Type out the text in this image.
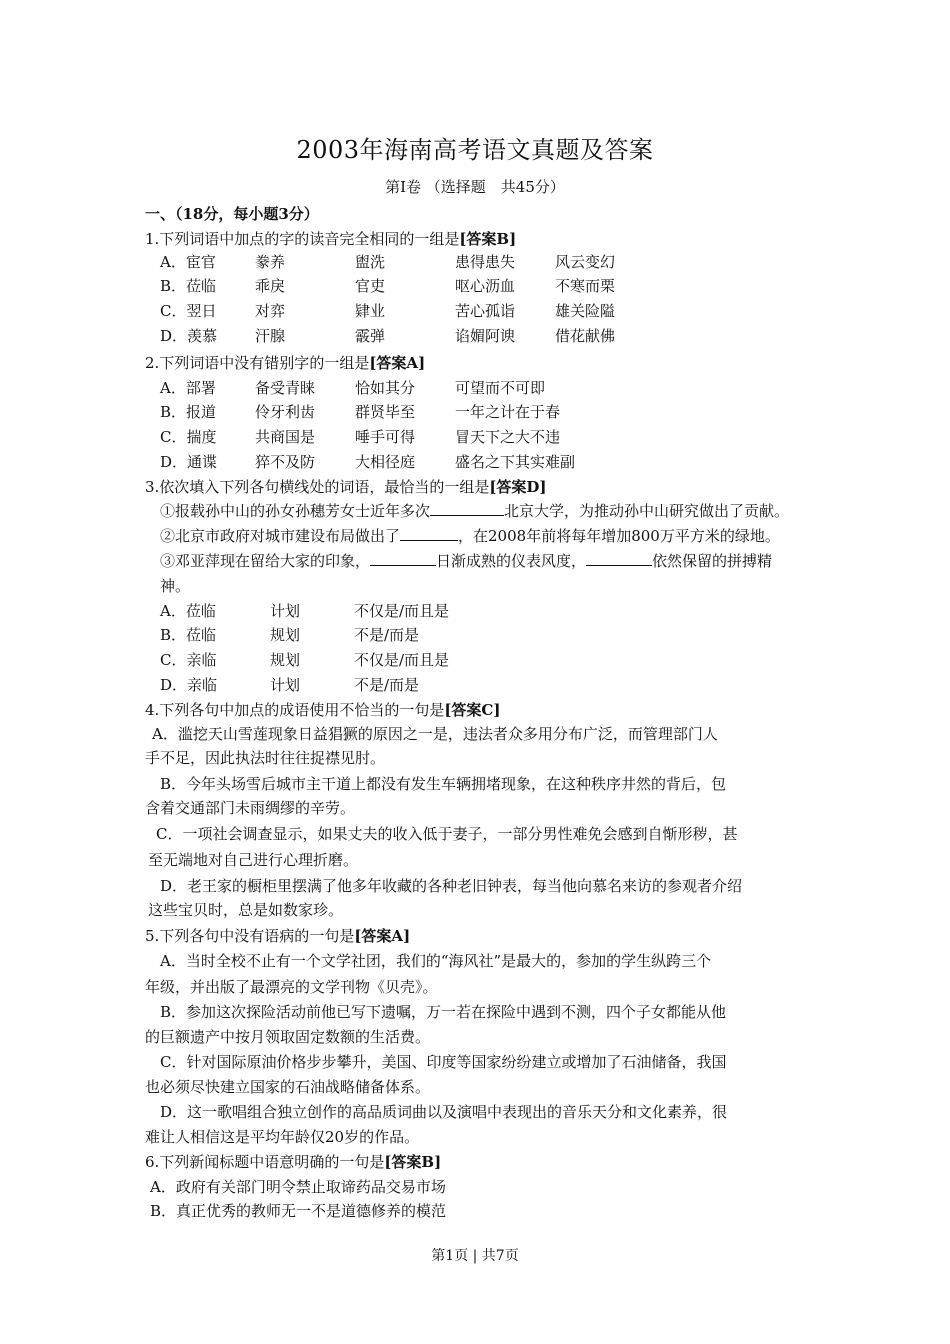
2003年海南高考语文真题及答案
第Ⅰ卷 （选择题　共45分）
一、（18分，每小题3分）
1.下列词语中加点的字的读音完全相同的一组是[答案B]
A．宦官	豢养	盥洗	患得患失	风云变幻
B．莅临	乖戾	官吏	呕心沥血	不寒而栗
C．翌日	对弈	肄业	苦心孤诣	雄关险隘
D．羡慕	汗腺	霰弹	谄媚阿谀	借花献佛
2.下列词语中没有错别字的一组是[答案A]
A．部署	备受青睐	恰如其分	可望而不可即
B．报道	伶牙利齿	群贤毕至	一年之计在于春
C．揣度	共商国是	唾手可得	冒天下之大不违
D．通谍	猝不及防	大相径庭	盛名之下其实难副
3.依次填入下列各句横线处的词语，最恰当的一组是[答案D]
①报载孙中山的孙女孙穗芳女士近年多次	北京大学，为推动孙中山研究做出了贡献。
②北京市政府对城市建设布局做出了	，在2008年前将每年增加800万平方米的绿地。
③邓亚萍现在留给大家的印象，	日渐成熟的仪表风度，	依然保留的拼搏精
神。
A．莅临	计划	不仅是/而且是
B．莅临	规划	不是/而是
C．亲临	规划	不仅是/而且是
D．亲临	计划	不是/而是
4.下列各句中加点的成语使用不恰当的一句是[答案C]
A．滥挖天山雪莲现象日益猖獗的原因之一是，违法者众多用分布广泛，而管理部门人
手不足，因此执法时往往捉襟见肘。
B．今年头场雪后城市主干道上都没有发生车辆拥堵现象，在这种秩序井然的背后，包
含着交通部门未雨绸缪的辛劳。
C．一项社会调查显示，如果丈夫的收入低于妻子，一部分男性难免会感到自惭形秽，甚
至无端地对自己进行心理折磨。
D．老王家的橱柜里摆满了他多年收藏的各种老旧钟表，每当他向慕名来访的参观者介绍
这些宝贝时，总是如数家珍。
5.下列各句中没有语病的一句是[答案A]
A．当时全校不止有一个文学社团，我们的“海风社”是最大的，参加的学生纵跨三个
年级，并出版了最漂亮的文学刊物《贝壳》。
B．参加这次探险活动前他已写下遗嘱，万一若在探险中遇到不测，四个子女都能从他
的巨额遗产中按月领取固定数额的生活费。
C．针对国际原油价格步步攀升，美国、印度等国家纷纷建立或增加了石油储备，我国
也必须尽快建立国家的石油战略储备体系。
D．这一歌唱组合独立创作的高品质词曲以及演唱中表现出的音乐天分和文化素养，很
难让人相信这是平均年龄仅20岁的作品。
6.下列新闻标题中语意明确的一句是[答案B]
A．政府有关部门明令禁止取谛药品交易市场
B．真正优秀的教师无一不是道德修养的模范
第1页 | 共7页
